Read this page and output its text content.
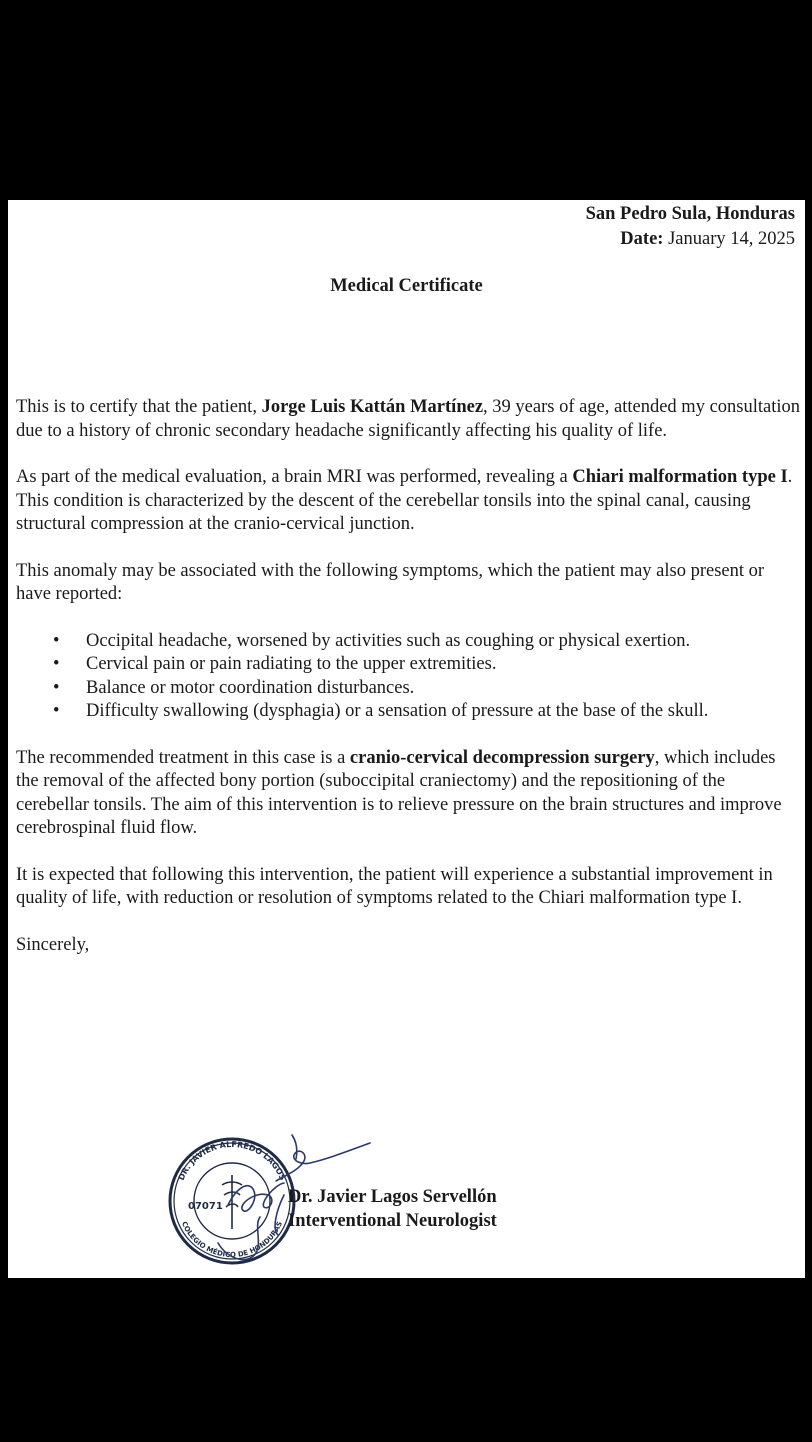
San Pedro Sula, Honduras
Date: January 14, 2025
Medical Certificate

This is to certify that the patient, Jorge Luis Kattán Martínez, 39 years of age, attended my consultation due to a history of chronic secondary headache significantly affecting his quality of life.

As part of the medical evaluation, a brain MRI was performed, revealing a Chiari malformation type I. This condition is characterized by the descent of the cerebellar tonsils into the spinal canal, causing structural compression at the cranio-cervical junction.

This anomaly may be associated with the following symptoms, which the patient may also present or have reported:

• Occipital headache, worsened by activities such as coughing or physical exertion.
• Cervical pain or pain radiating to the upper extremities.
• Balance or motor coordination disturbances.
• Difficulty swallowing (dysphagia) or a sensation of pressure at the base of the skull.

The recommended treatment in this case is a cranio-cervical decompression surgery, which includes the removal of the affected bony portion (suboccipital craniectomy) and the repositioning of the cerebellar tonsils. The aim of this intervention is to relieve pressure on the brain structures and improve cerebrospinal fluid flow.

It is expected that following this intervention, the patient will experience a substantial improvement in quality of life, with reduction or resolution of symptoms related to the Chiari malformation type I.

Sincerely,

DR. JAVIER ALFREDO LAGOS
COLEGIO MÉDICO DE HONDURAS
07071	Dr. Javier Lagos Servellón
Interventional Neurologist
